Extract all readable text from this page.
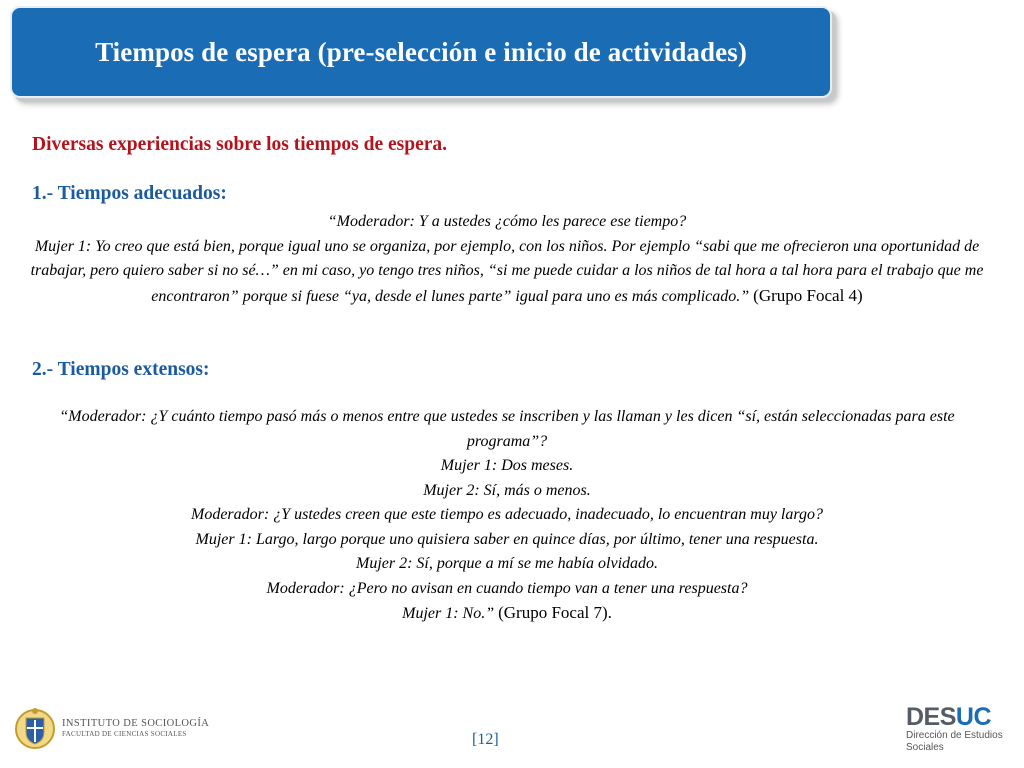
Tiempos de espera (pre-selección e inicio de actividades)
Diversas experiencias sobre los tiempos de espera.
1.- Tiempos adecuados:

“Moderador: Y a ustedes ¿cómo les parece ese tiempo?

Mujer 1: Yo creo que está bien, porque igual uno se organiza, por ejemplo, con los niños. Por ejemplo “sabi que me ofrecieron una oportunidad de trabajar, pero quiero saber si no sé…” en mi caso, yo tengo tres niños, “si me puede cuidar a los niños de tal hora a tal hora para el trabajo que me encontraron” porque si fuese “ya, desde el lunes parte” igual para uno es más complicado.” (Grupo Focal 4)

2.- Tiempos extensos:

“Moderador: ¿Y cuánto tiempo pasó más o menos entre que ustedes se inscriben y las llaman y les dicen “sí, están seleccionadas para este programa”?

Mujer 1: Dos meses.

Mujer 2: Sí, más o menos.

Moderador: ¿Y ustedes creen que este tiempo es adecuado, inadecuado, lo encuentran muy largo?

Mujer 1: Largo, largo porque uno quisiera saber en quince días, por último, tener una respuesta.

Mujer 2: Sí, porque a mí se me había olvidado.

Moderador: ¿Pero no avisan en cuando tiempo van a tener una respuesta?

Mujer 1: No.” (Grupo Focal 7).

INSTITUTO DE SOCIOLOGÍA
FACULTAD DE CIENCIAS SOCIALES	[12]
DESUC
Dirección de Estudios
Sociales
